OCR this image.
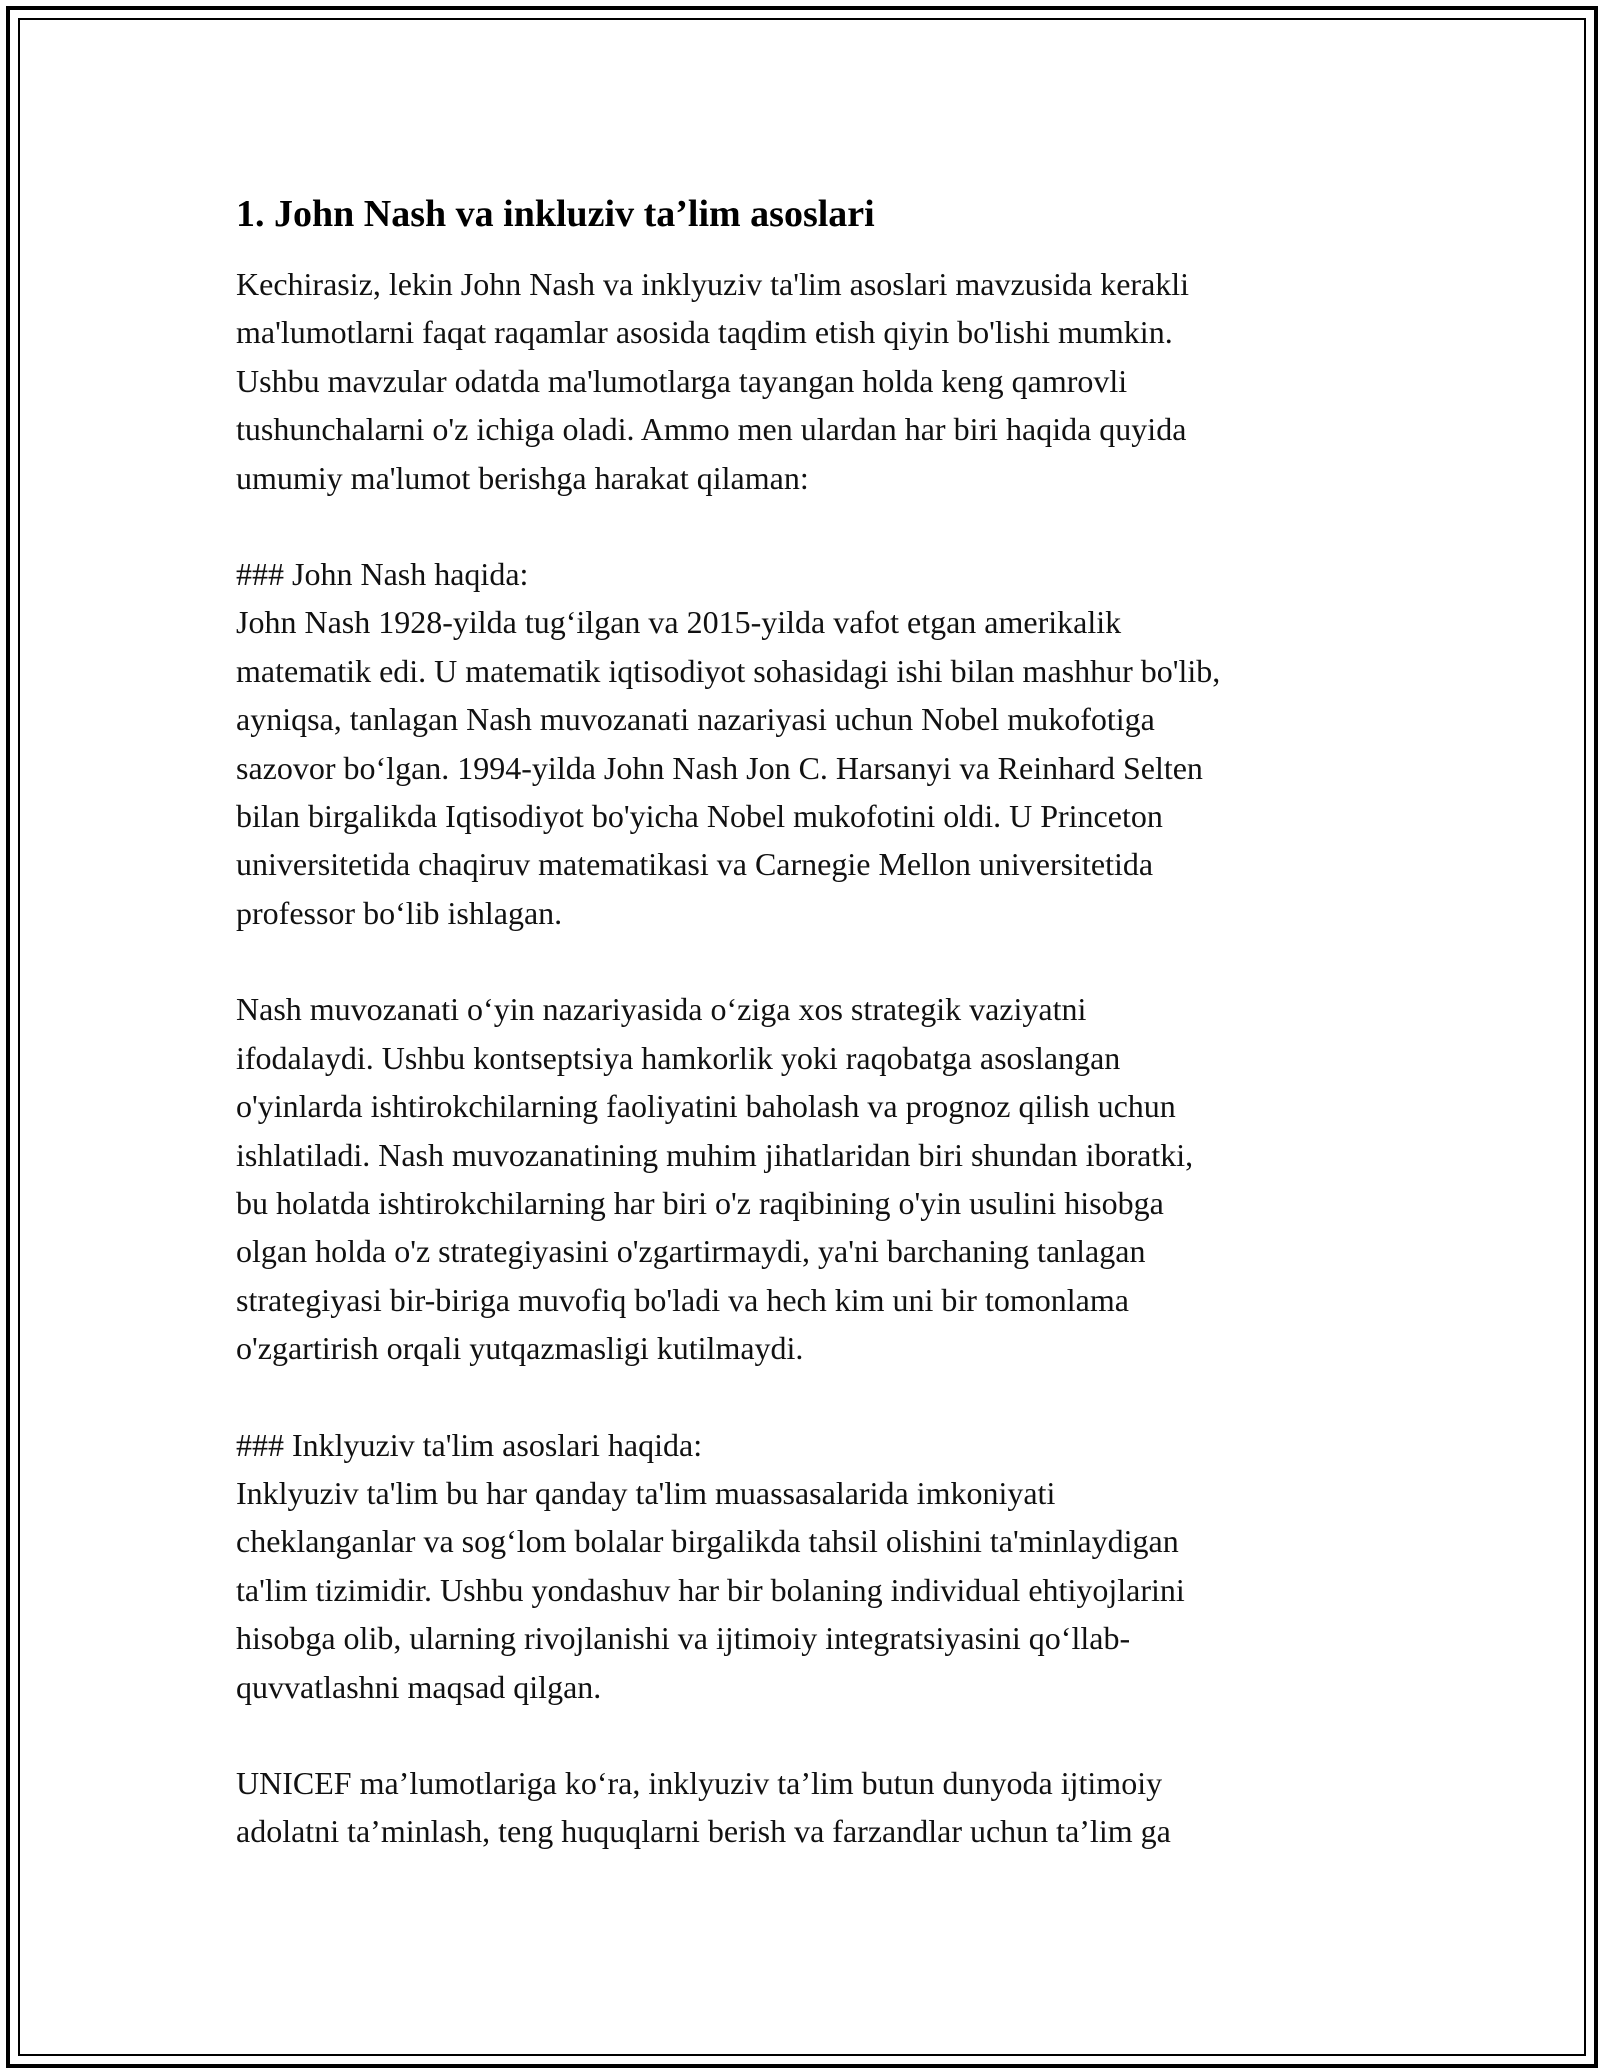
1. John Nash va inkluziv ta’lim asoslari

Kechirasiz, lekin John Nash va inklyuziv ta'lim asoslari mavzusida kerakli
ma'lumotlarni faqat raqamlar asosida taqdim etish qiyin bo'lishi mumkin.
Ushbu mavzular odatda ma'lumotlarga tayangan holda keng qamrovli
tushunchalarni o'z ichiga oladi. Ammo men ulardan har biri haqida quyida
umumiy ma'lumot berishga harakat qilaman:

### John Nash haqida:
John Nash 1928-yilda tugʻilgan va 2015-yilda vafot etgan amerikalik
matematik edi. U matematik iqtisodiyot sohasidagi ishi bilan mashhur bo'lib,
ayniqsa, tanlagan Nash muvozanati nazariyasi uchun Nobel mukofotiga
sazovor boʻlgan. 1994-yilda John Nash Jon C. Harsanyi va Reinhard Selten
bilan birgalikda Iqtisodiyot bo'yicha Nobel mukofotini oldi. U Princeton
universitetida chaqiruv matematikasi va Carnegie Mellon universitetida
professor boʻlib ishlagan.

Nash muvozanati oʻyin nazariyasida oʻziga xos strategik vaziyatni
ifodalaydi. Ushbu kontseptsiya hamkorlik yoki raqobatga asoslangan
o'yinlarda ishtirokchilarning faoliyatini baholash va prognoz qilish uchun
ishlatiladi. Nash muvozanatining muhim jihatlaridan biri shundan iboratki,
bu holatda ishtirokchilarning har biri o'z raqibining o'yin usulini hisobga
olgan holda o'z strategiyasini o'zgartirmaydi, ya'ni barchaning tanlagan
strategiyasi bir-biriga muvofiq bo'ladi va hech kim uni bir tomonlama
o'zgartirish orqali yutqazmasligi kutilmaydi.

### Inklyuziv ta'lim asoslari haqida:
Inklyuziv ta'lim bu har qanday ta'lim muassasalarida imkoniyati
cheklanganlar va sogʻlom bolalar birgalikda tahsil olishini ta'minlaydigan
ta'lim tizimidir. Ushbu yondashuv har bir bolaning individual ehtiyojlarini
hisobga olib, ularning rivojlanishi va ijtimoiy integratsiyasini qoʻllab-
quvvatlashni maqsad qilgan.

UNICEF ma’lumotlariga koʻra, inklyuziv ta’lim butun dunyoda ijtimoiy
adolatni ta’minlash, teng huquqlarni berish va farzandlar uchun ta’lim ga
